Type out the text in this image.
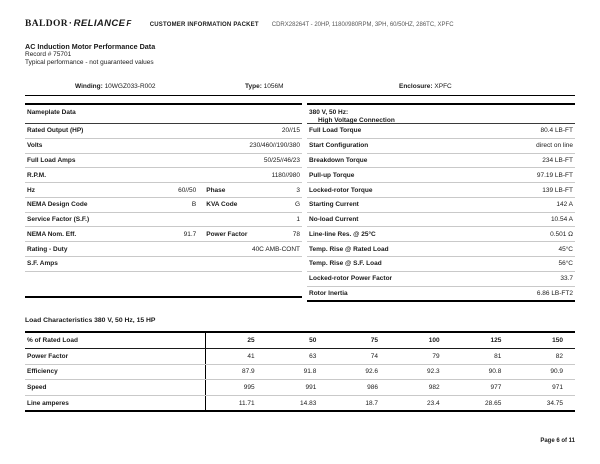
BALDOR·RELIANCEF	CUSTOMER INFORMATION PACKET CDRX28264T - 20HP, 1180//980RPM, 3PH, 60/50HZ, 286TC, XPFC
AC Induction Motor Performance Data
Record # 75701
Typical performance - not guaranteed values
Winding: 10WGZ033-R002	Type: 1056M	Enclosure: XPFC
Nameplate Data
Rated Output (HP)	20//15
Volts	230/460//190/380
Full Load Amps	50/25//46/23
R.P.M.	1180//980
Hz	60//50	Phase	3
NEMA Design Code	B	KVA Code	G
Service Factor (S.F.)	1
NEMA Nom. Eff.	91.7	Power Factor	78
Rating - Duty	40C AMB-CONT
S.F. Amps
380 V, 50 Hz:
High Voltage Connection
Full Load Torque	80.4 LB-FT
Start Configuration	direct on line
Breakdown Torque	234 LB-FT
Pull-up Torque	97.19 LB-FT
Locked-rotor Torque	139 LB-FT
Starting Current	142 A
No-load Current	10.54 A
Line-line Res. @ 25°C	0.501 Ω
Temp. Rise @ Rated Load	45°C
Temp. Rise @ S.F. Load	56°C
Locked-rotor Power Factor	33.7
Rotor Inertia	6.86 LB-FT2
Load Characteristics 380 V, 50 Hz, 15 HP
% of Rated Load	25	50	75	100	125	150
Power Factor	41	63	74	79	81	82
Efficiency	87.9	91.8	92.6	92.3	90.8	90.9
Speed	995	991	986	982	977	971
Line amperes	11.71	14.83	18.7	23.4	28.65	34.75
Page 6 of 11
